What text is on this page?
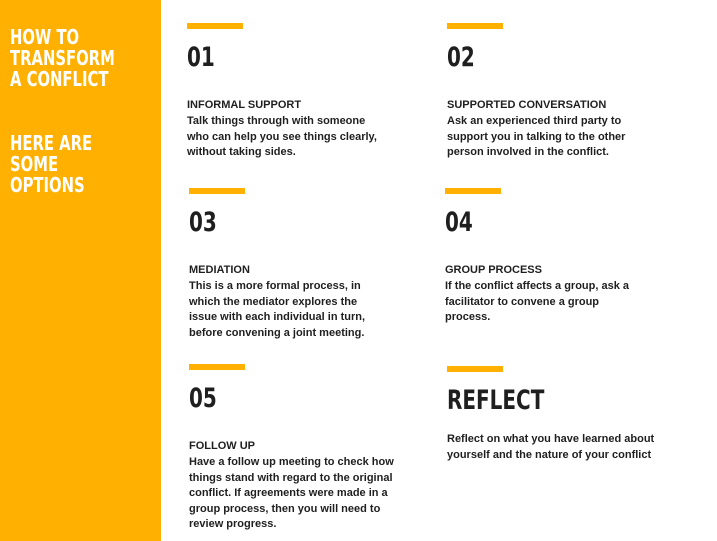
HOW TO
TRANSFORM
A CONFLICT
HERE ARE
SOME OPTIONS
01
INFORMAL SUPPORT
Talk things through with someone
who can help you see things clearly,
without taking sides.
02
SUPPORTED CONVERSATION
Ask an experienced third party to
support you in talking to the other
person involved in the conflict.
03
MEDIATION
This is a more formal process, in
which the mediator explores the
issue with each individual in turn,
before convening a joint meeting.
04
GROUP PROCESS
If the conflict affects a group, ask a
facilitator to convene a group
process.
05
FOLLOW UP
Have a follow up meeting to check how
things stand with regard to the original
conflict. If agreements were made in a
group process, then you will need to
review progress.
REFLECT
Reflect on what you have learned about
yourself and the nature of your conflict
